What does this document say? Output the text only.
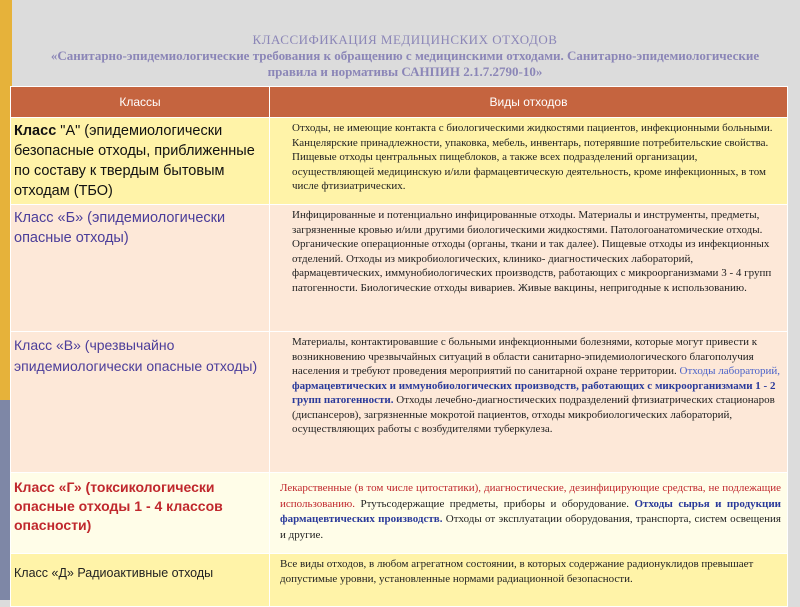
КЛАССИФИКАЦИЯ МЕДИЦИНСКИХ ОТХОДОВ
«Санитарно-эпидемиологические требования к обращению с медицинскими отходами. Санитарно-эпидемиологические правила и нормативы САНПИН 2.1.7.2790-10»
Классы	Виды отходов
Класс "А" (эпидемиологически безопасные отходы, приближенные по составу к твердым бытовым отходам (ТБО)	Отходы, не имеющие контакта с биологическими жидкостями пациентов, инфекционными больными. Канцелярские принадлежности, упаковка, мебель, инвентарь, потерявшие потребительские свойства. Пищевые отходы центральных пищеблоков, а также всех подразделений организации, осуществляющей медицинскую и/или фармацевтическую деятельность, кроме инфекционных, в том числе фтизиатрических.
Класс «Б» (эпидемиологически опасные отходы)	Инфицированные и потенциально инфицированные отходы. Материалы и инструменты, предметы, загрязненные кровью и/или другими биологическими жидкостями. Патологоанатомические отходы. Органические операционные отходы (органы, ткани и так далее). Пищевые отходы из инфекционных отделений. Отходы из микробиологических, клинико- диагностических лабораторий, фармацевтических, иммунобиологических производств, работающих с микроорганизмами 3 - 4 групп патогенности. Биологические отходы вивариев. Живые вакцины, непригодные к использованию.
Класс «В» (чрезвычайно эпидемиологически опасные отходы)	Материалы, контактировавшие с больными инфекционными болезнями, которые могут привести к возникновению чрезвычайных ситуаций в области санитарно-эпидемиологического благополучия населения и требуют проведения мероприятий по санитарной охране территории. Отходы лабораторий, фармацевтических и иммунобиологических производств, работающих с микроорганизмами 1 - 2 групп патогенности. Отходы лечебно-диагностических подразделений фтизиатрических стационаров (диспансеров), загрязненные мокротой пациентов, отходы микробиологических лабораторий, осуществляющих работы с возбудителями туберкулеза.
Класс «Г» (токсикологически опасные отходы 1 - 4 классов опасности)	Лекарственные (в том числе цитостатики), диагностические, дезинфицирующие средства, не подлежащие использованию. Ртутьсодержащие предметы, приборы и оборудование. Отходы сырья и продукции фармацевтических производств. Отходы от эксплуатации оборудования, транспорта, систем освещения и другие.
Класс «Д» Радиоактивные отходы	Все виды отходов, в любом агрегатном состоянии, в которых содержание радионуклидов превышает допустимые уровни, установленные нормами радиационной безопасности.
